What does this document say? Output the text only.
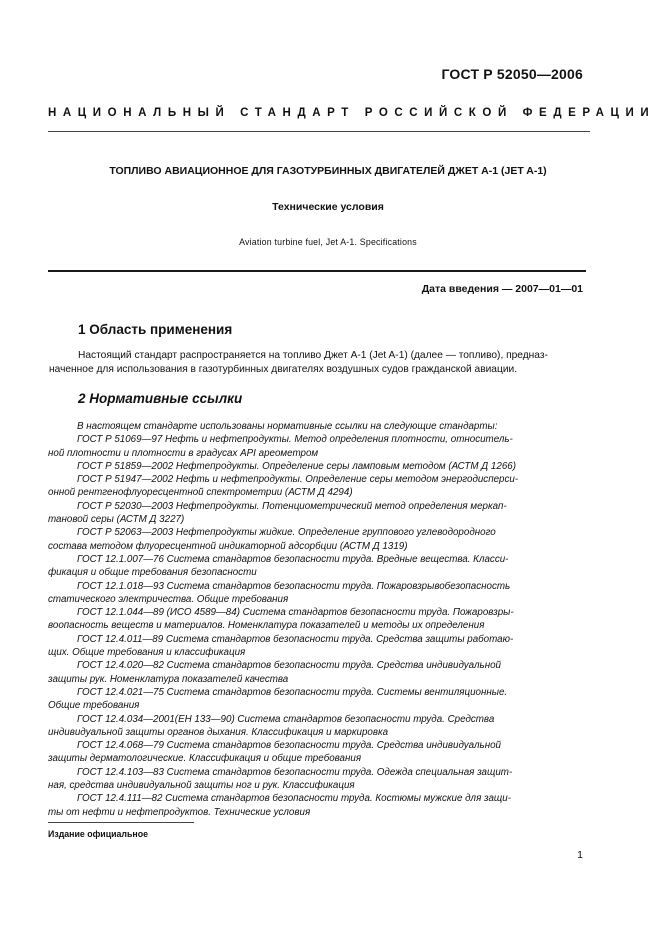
ГОСТ Р 52050—2006
НАЦИОНАЛЬНЫЙ СТАНДАРТ РОССИЙСКОЙ ФЕДЕРАЦИИ
ТОПЛИВО АВИАЦИОННОЕ ДЛЯ ГАЗОТУРБИННЫХ ДВИГАТЕЛЕЙ ДЖЕТ А-1 (JET A-1)
Технические условия
Aviation turbine fuel, Jet A-1. Specifications
Дата введения — 2007—01—01
1 Область применения
Настоящий стандарт распространяется на топливо Джет А-1 (Jet A-1) (далее — топливо), предназ-
наченное для использования в газотурбинных двигателях воздушных судов гражданской авиации.
2 Нормативные ссылки
В настоящем стандарте использованы нормативные ссылки на следующие стандарты:
ГОСТ Р 51069—97 Нефть и нефтепродукты. Метод определения плотности, относитель-
ной плотности и плотности в градусах API ареометром
ГОСТ Р 51859—2002 Нефтепродукты. Определение серы ламповым методом (АСТМ Д 1266)
ГОСТ Р 51947—2002 Нефть и нефтепродукты. Определение серы методом энергодисперси-
онной рентгенофлуоресцентной спектрометрии (АСТМ Д 4294)
ГОСТ Р 52030—2003 Нефтепродукты. Потенциометрический метод определения меркап-
тановой серы (АСТМ Д 3227)
ГОСТ Р 52063—2003 Нефтепродукты жидкие. Определение группового углеводородного
состава методом флуоресцентной индикаторной адсорбции (АСТМ Д 1319)
ГОСТ 12.1.007—76 Система стандартов безопасности труда. Вредные вещества. Класси-
фикация и общие требования безопасности
ГОСТ 12.1.018—93 Система стандартов безопасности труда. Пожаровзрывобезопасность
статического электричества. Общие требования
ГОСТ 12.1.044—89 (ИСО 4589—84) Система стандартов безопасности труда. Пожаровзры-
воопасность веществ и материалов. Номенклатура показателей и методы их определения
ГОСТ 12.4.011—89 Система стандартов безопасности труда. Средства защиты работаю-
щих. Общие требования и классификация
ГОСТ 12.4.020—82 Система стандартов безопасности труда. Средства индивидуальной
защиты рук. Номенклатура показателей качества
ГОСТ 12.4.021—75 Система стандартов безопасности труда. Системы вентиляционные.
Общие требования
ГОСТ 12.4.034—2001(ЕН 133—90) Система стандартов безопасности труда. Средства
индивидуальной защиты органов дыхания. Классификация и маркировка
ГОСТ 12.4.068—79 Система стандартов безопасности труда. Средства индивидуальной
защиты дерматологические. Классификация и общие требования
ГОСТ 12.4.103—83 Система стандартов безопасности труда. Одежда специальная защит-
ная, средства индивидуальной защиты ног и рук. Классификация
ГОСТ 12.4.111—82 Система стандартов безопасности труда. Костюмы мужские для защи-
ты от нефти и нефтепродуктов. Технические условия
Издание официальное
1
